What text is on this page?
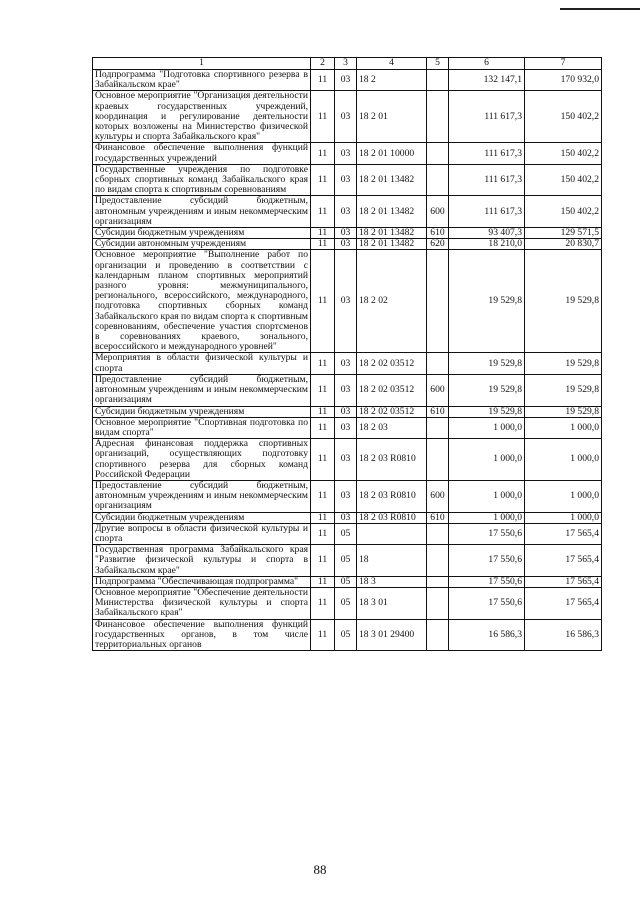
1	2	3	4	5	6	7
Подпрограмма "Подготовка спортивного резерва в Забайкальском крае"	11	03	18 2		132 147,1	170 932,0
Основное мероприятие "Организация деятельности краевых государственных учреждений, координация и регулирование деятельности которых возложены на Министерство физической культуры и спорта Забайкальского края"	11	03	18 2 01		111 617,3	150 402,2
Финансовое обеспечение выполнения функций государственных учреждений	11	03	18 2 01 10000		111 617,3	150 402,2
Государственные учреждения по подготовке сборных спортивных команд Забайкальского края по видам спорта к спортивным соревнованиям	11	03	18 2 01 13482		111 617,3	150 402,2
Предоставление субсидий бюджетным, автономным учреждениям и иным некоммерческим организациям	11	03	18 2 01 13482	600	111 617,3	150 402,2
Субсидии бюджетным учреждениям	11	03	18 2 01 13482	610	93 407,3	129 571,5
Субсидии автономным учреждениям	11	03	18 2 01 13482	620	18 210,0	20 830,7
Основное мероприятие "Выполнение работ по организации и проведению в соответствии с календарным планом спортивных мероприятий разного уровня: межмуниципального, регионального, всероссийского, международного, подготовка спортивных сборных команд Забайкальского края по видам спорта к спортивным соревнованиям, обеспечение участия спортсменов в соревнованиях краевого, зонального, всероссийского и международного уровней"	11	03	18 2 02		19 529,8	19 529,8
Мероприятия в области физической культуры и спорта	11	03	18 2 02 03512		19 529,8	19 529,8
Предоставление субсидий бюджетным, автономным учреждениям и иным некоммерческим организациям	11	03	18 2 02 03512	600	19 529,8	19 529,8
Субсидии бюджетным учреждениям	11	03	18 2 02 03512	610	19 529,8	19 529,8
Основное мероприятие "Спортивная подготовка по видам спорта"	11	03	18 2 03		1 000,0	1 000,0
Адресная финансовая поддержка спортивных организаций, осуществляющих подготовку спортивного резерва для сборных команд Российской Федерации	11	03	18 2 03 R0810		1 000,0	1 000,0
Предоставление субсидий бюджетным, автономным учреждениям и иным некоммерческим организациям	11	03	18 2 03 R0810	600	1 000,0	1 000,0
Субсидии бюджетным учреждениям	11	03	18 2 03 R0810	610	1 000,0	1 000,0
Другие вопросы в области физической культуры и спорта	11	05			17 550,6	17 565,4
Государственная программа Забайкальского края "Развитие физической культуры и спорта в Забайкальском крае"	11	05	18		17 550,6	17 565,4
Подпрограмма "Обеспечивающая подпрограмма"	11	05	18 3		17 550,6	17 565,4
Основное мероприятие "Обеспечение деятельности Министерства физической культуры и спорта Забайкальского края"	11	05	18 3 01		17 550,6	17 565,4
Финансовое обеспечение выполнения функций государственных органов, в том числе территориальных органов	11	05	18 3 01 29400		16 586,3	16 586,3
88
